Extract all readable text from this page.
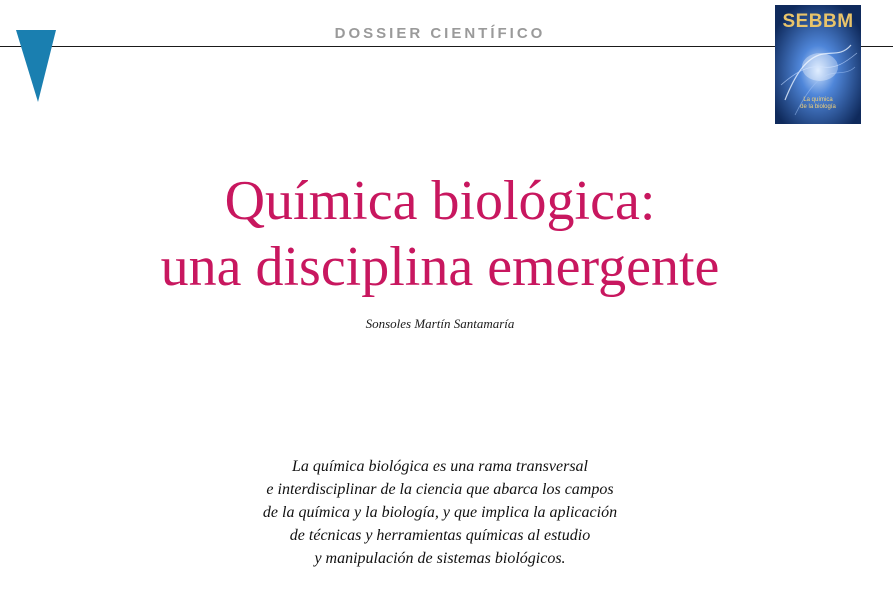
DOSSIER CIENTÍFICO
SEBBM
La química
de la biología
Química biológica:
una disciplina emergente
Sonsoles Martín Santamaría
La química biológica es una rama transversal
e interdisciplinar de la ciencia que abarca los campos
de la química y la biología, y que implica la aplicación
de técnicas y herramientas químicas al estudio
y manipulación de sistemas biológicos.
